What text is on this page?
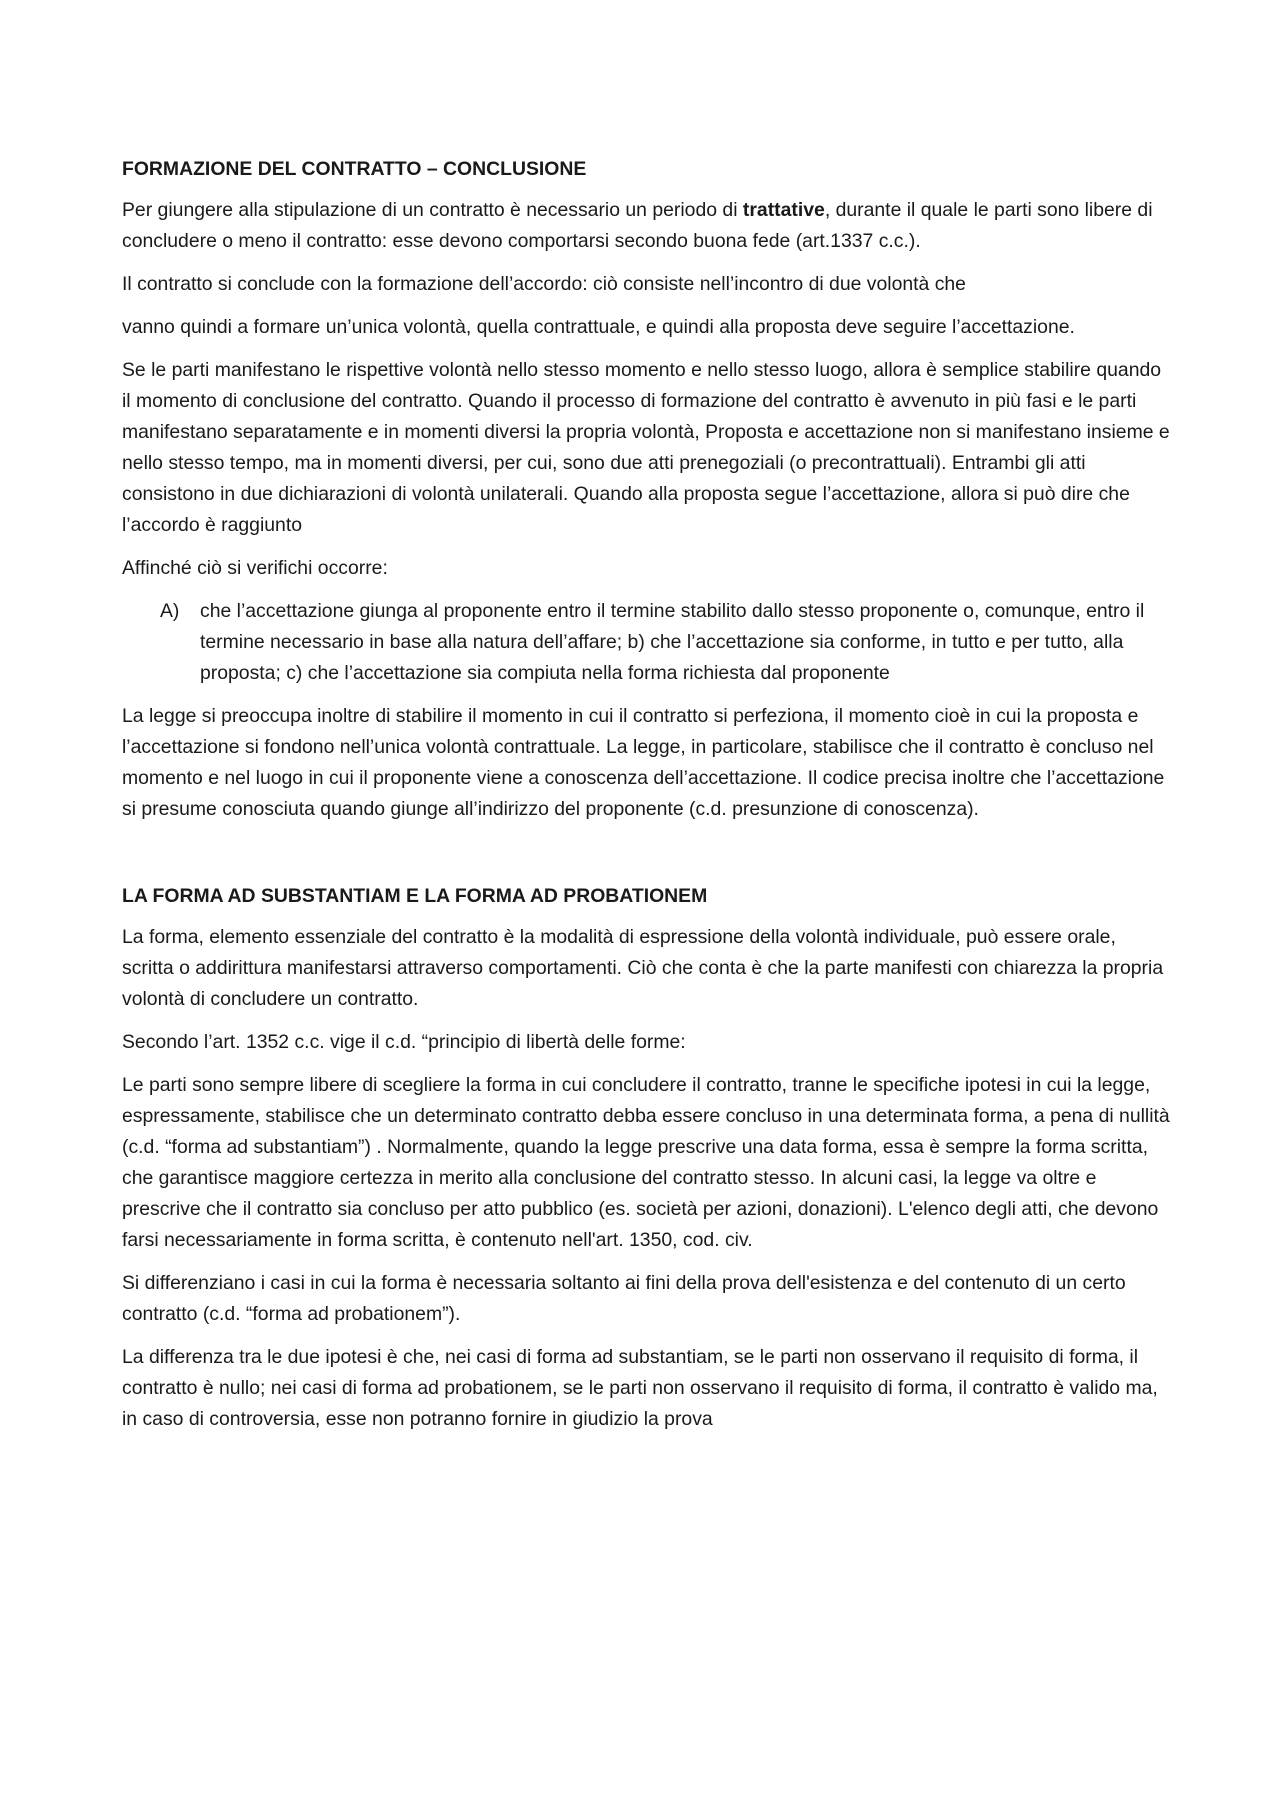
FORMAZIONE DEL CONTRATTO – CONCLUSIONE

Per giungere alla stipulazione di un contratto è necessario un periodo di trattative, durante il quale le parti sono libere di concludere o meno il contratto: esse devono comportarsi secondo buona fede (art.1337 c.c.).

Il contratto si conclude con la formazione dell’accordo: ciò consiste nell’incontro di due volontà che

vanno quindi a formare un’unica volontà, quella contrattuale, e quindi alla proposta deve seguire l’accettazione.

Se le parti manifestano le rispettive volontà nello stesso momento e nello stesso luogo, allora è semplice stabilire quando il momento di conclusione del contratto. Quando il processo di formazione del contratto è avvenuto in più fasi e le parti manifestano separatamente e in momenti diversi la propria volontà, Proposta e accettazione non si manifestano insieme e nello stesso tempo, ma in momenti diversi, per cui, sono due atti prenegoziali (o precontrattuali). Entrambi gli atti consistono in due dichiarazioni di volontà unilaterali. Quando alla proposta segue l’accettazione, allora si può dire che l’accordo è raggiunto

Affinché ciò si verifichi occorre:

A) che l’accettazione giunga al proponente entro il termine stabilito dallo stesso proponente o, comunque, entro il termine necessario in base alla natura dell’affare; b) che l’accettazione sia conforme, in tutto e per tutto, alla proposta; c) che l’accettazione sia compiuta nella forma richiesta dal proponente

La legge si preoccupa inoltre di stabilire il momento in cui il contratto si perfeziona, il momento cioè in cui la proposta e l’accettazione si fondono nell’unica volontà contrattuale. La legge, in particolare, stabilisce che il contratto è concluso nel momento e nel luogo in cui il proponente viene a conoscenza dell’accettazione. Il codice precisa inoltre che l’accettazione si presume conosciuta quando giunge all’indirizzo del proponente (c.d. presunzione di conoscenza).

LA FORMA AD SUBSTANTIAM E LA FORMA AD PROBATIONEM

La forma, elemento essenziale del contratto è la modalità di espressione della volontà individuale, può essere orale, scritta o addirittura manifestarsi attraverso comportamenti. Ciò che conta è che la parte manifesti con chiarezza la propria volontà di concludere un contratto.

Secondo l’art. 1352 c.c. vige il c.d. “principio di libertà delle forme:

Le parti sono sempre libere di scegliere la forma in cui concludere il contratto, tranne le specifiche ipotesi in cui la legge, espressamente, stabilisce che un determinato contratto debba essere concluso in una determinata forma, a pena di nullità (c.d. “forma ad substantiam”) . Normalmente, quando la legge prescrive una data forma, essa è sempre la forma scritta, che garantisce maggiore certezza in merito alla conclusione del contratto stesso. In alcuni casi, la legge va oltre e prescrive che il contratto sia concluso per atto pubblico (es. società per azioni, donazioni). L'elenco degli atti, che devono farsi necessariamente in forma scritta, è contenuto nell'art. 1350, cod. civ.

Si differenziano i casi in cui la forma è necessaria soltanto ai fini della prova dell'esistenza e del contenuto di un certo contratto (c.d. “forma ad probationem”).

La differenza tra le due ipotesi è che, nei casi di forma ad substantiam, se le parti non osservano il requisito di forma, il contratto è nullo; nei casi di forma ad probationem, se le parti non osservano il requisito di forma, il contratto è valido ma, in caso di controversia, esse non potranno fornire in giudizio la prova
